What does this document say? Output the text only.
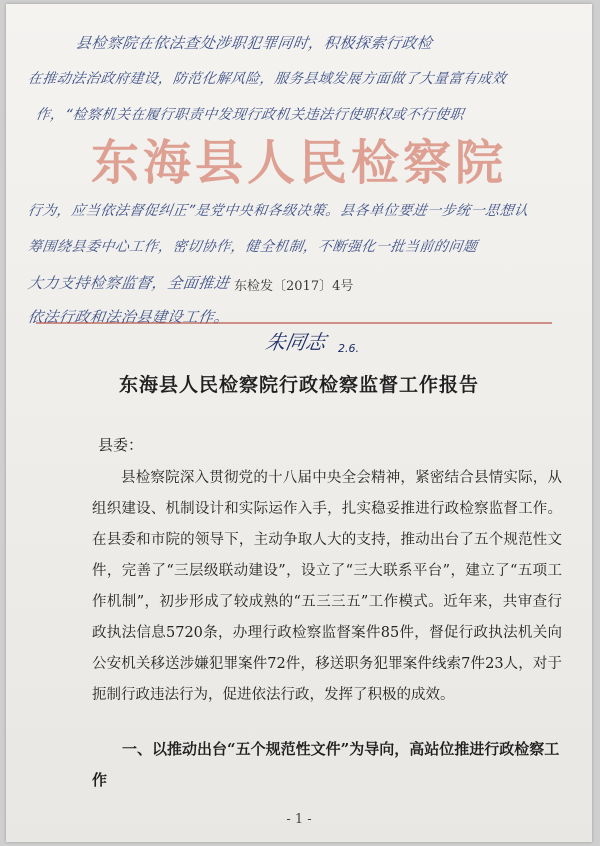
县检察院在依法查处涉职犯罪同时，积极探索行政检
在推动法治政府建设，防范化解风险，服务县域发展方面做了大量富有成效
作，“检察机关在履行职责中发现行政机关违法行使职权或不行使职
行为，应当依法督促纠正”是党中央和各级决策。县各单位要进一步统一思想认
筹围绕县委中心工作，密切协作，健全机制，不断强化一批当前的问题
大力支持检察监督，全面推进
依法行政和法治县建设工作。
东海县人民检察院
东检发〔2017〕4号
朱同志 2.6.
东海县人民检察院行政检察监督工作报告
县委：
县检察院深入贯彻党的十八届中央全会精神，紧密结合县情实际，从组织建设、机制设计和实际运作入手，扎实稳妥推进行政检察监督工作。在县委和市院的领导下，主动争取人大的支持，推动出台了五个规范性文件，完善了“三层级联动建设”，设立了“三大联系平台”，建立了“五项工作机制”，初步形成了较成熟的“五三三五”工作模式。近年来，共审查行政执法信息5720条，办理行政检察监督案件85件，督促行政执法机关向公安机关移送涉嫌犯罪案件72件，移送职务犯罪案件线索7件23人，对于扼制行政违法行为，促进依法行政，发挥了积极的成效。
一、以推动出台“五个规范性文件”为导向，高站位推进行政检察工作
- 1 -
